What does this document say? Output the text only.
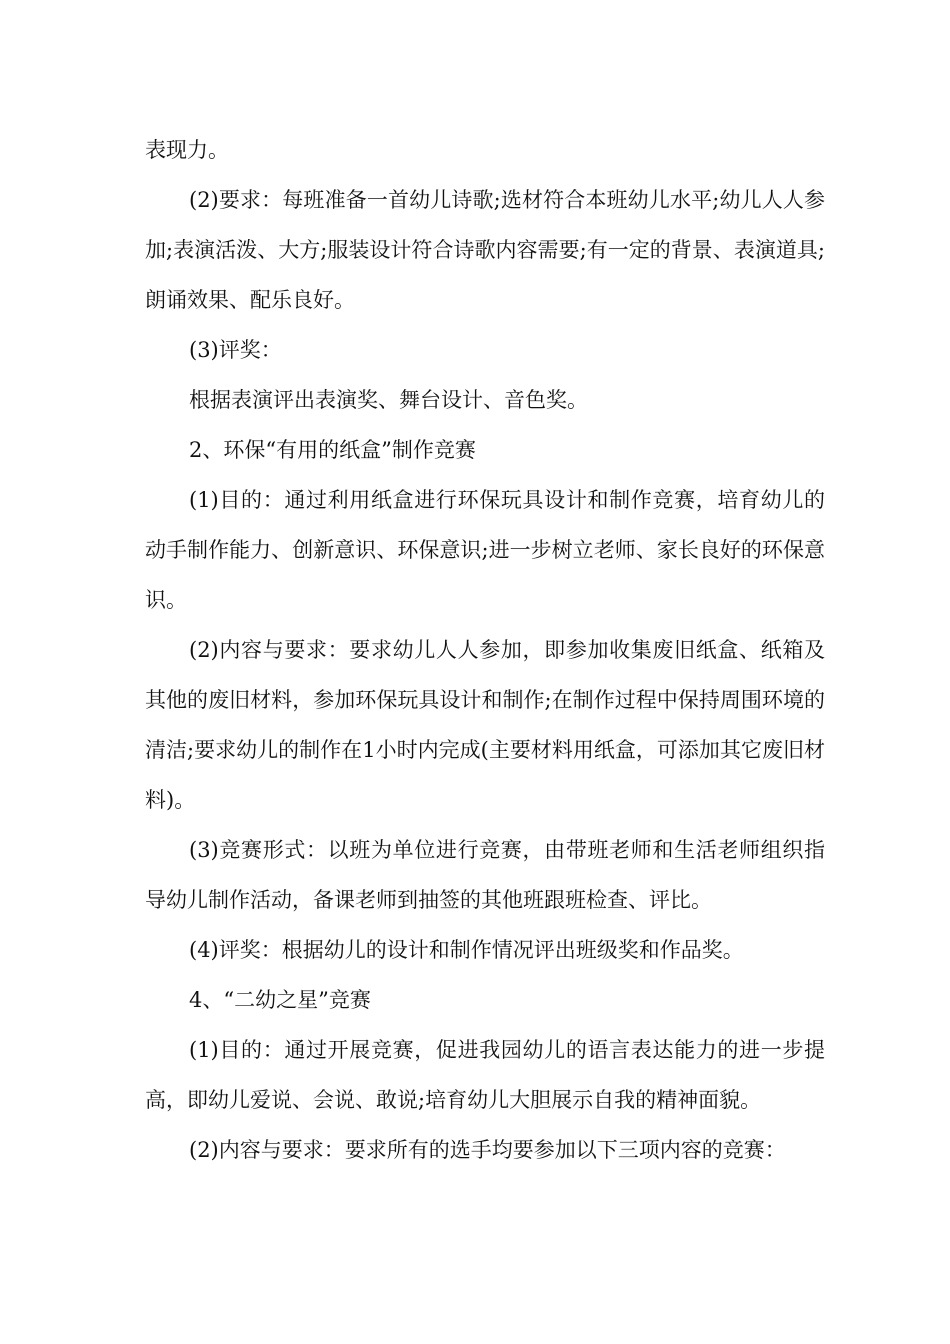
表现力。

(2)要求：每班准备一首幼儿诗歌;选材符合本班幼儿水平;幼儿人人参加;表演活泼、大方;服装设计符合诗歌内容需要;有一定的背景、表演道具;朗诵效果、配乐良好。

(3)评奖：

根据表演评出表演奖、舞台设计、音色奖。

2、环保“有用的纸盒”制作竞赛

(1)目的：通过利用纸盒进行环保玩具设计和制作竞赛，培育幼儿的动手制作能力、创新意识、环保意识;进一步树立老师、家长良好的环保意识。

(2)内容与要求：要求幼儿人人参加，即参加收集废旧纸盒、纸箱及其他的废旧材料，参加环保玩具设计和制作;在制作过程中保持周围环境的清洁;要求幼儿的制作在1小时内完成(主要材料用纸盒，可添加其它废旧材料)。

(3)竞赛形式：以班为单位进行竞赛，由带班老师和生活老师组织指导幼儿制作活动，备课老师到抽签的其他班跟班检查、评比。

(4)评奖：根据幼儿的设计和制作情况评出班级奖和作品奖。

4、“二幼之星”竞赛

(1)目的：通过开展竞赛，促进我园幼儿的语言表达能力的进一步提高，即幼儿爱说、会说、敢说;培育幼儿大胆展示自我的精神面貌。

(2)内容与要求：要求所有的选手均要参加以下三项内容的竞赛：
